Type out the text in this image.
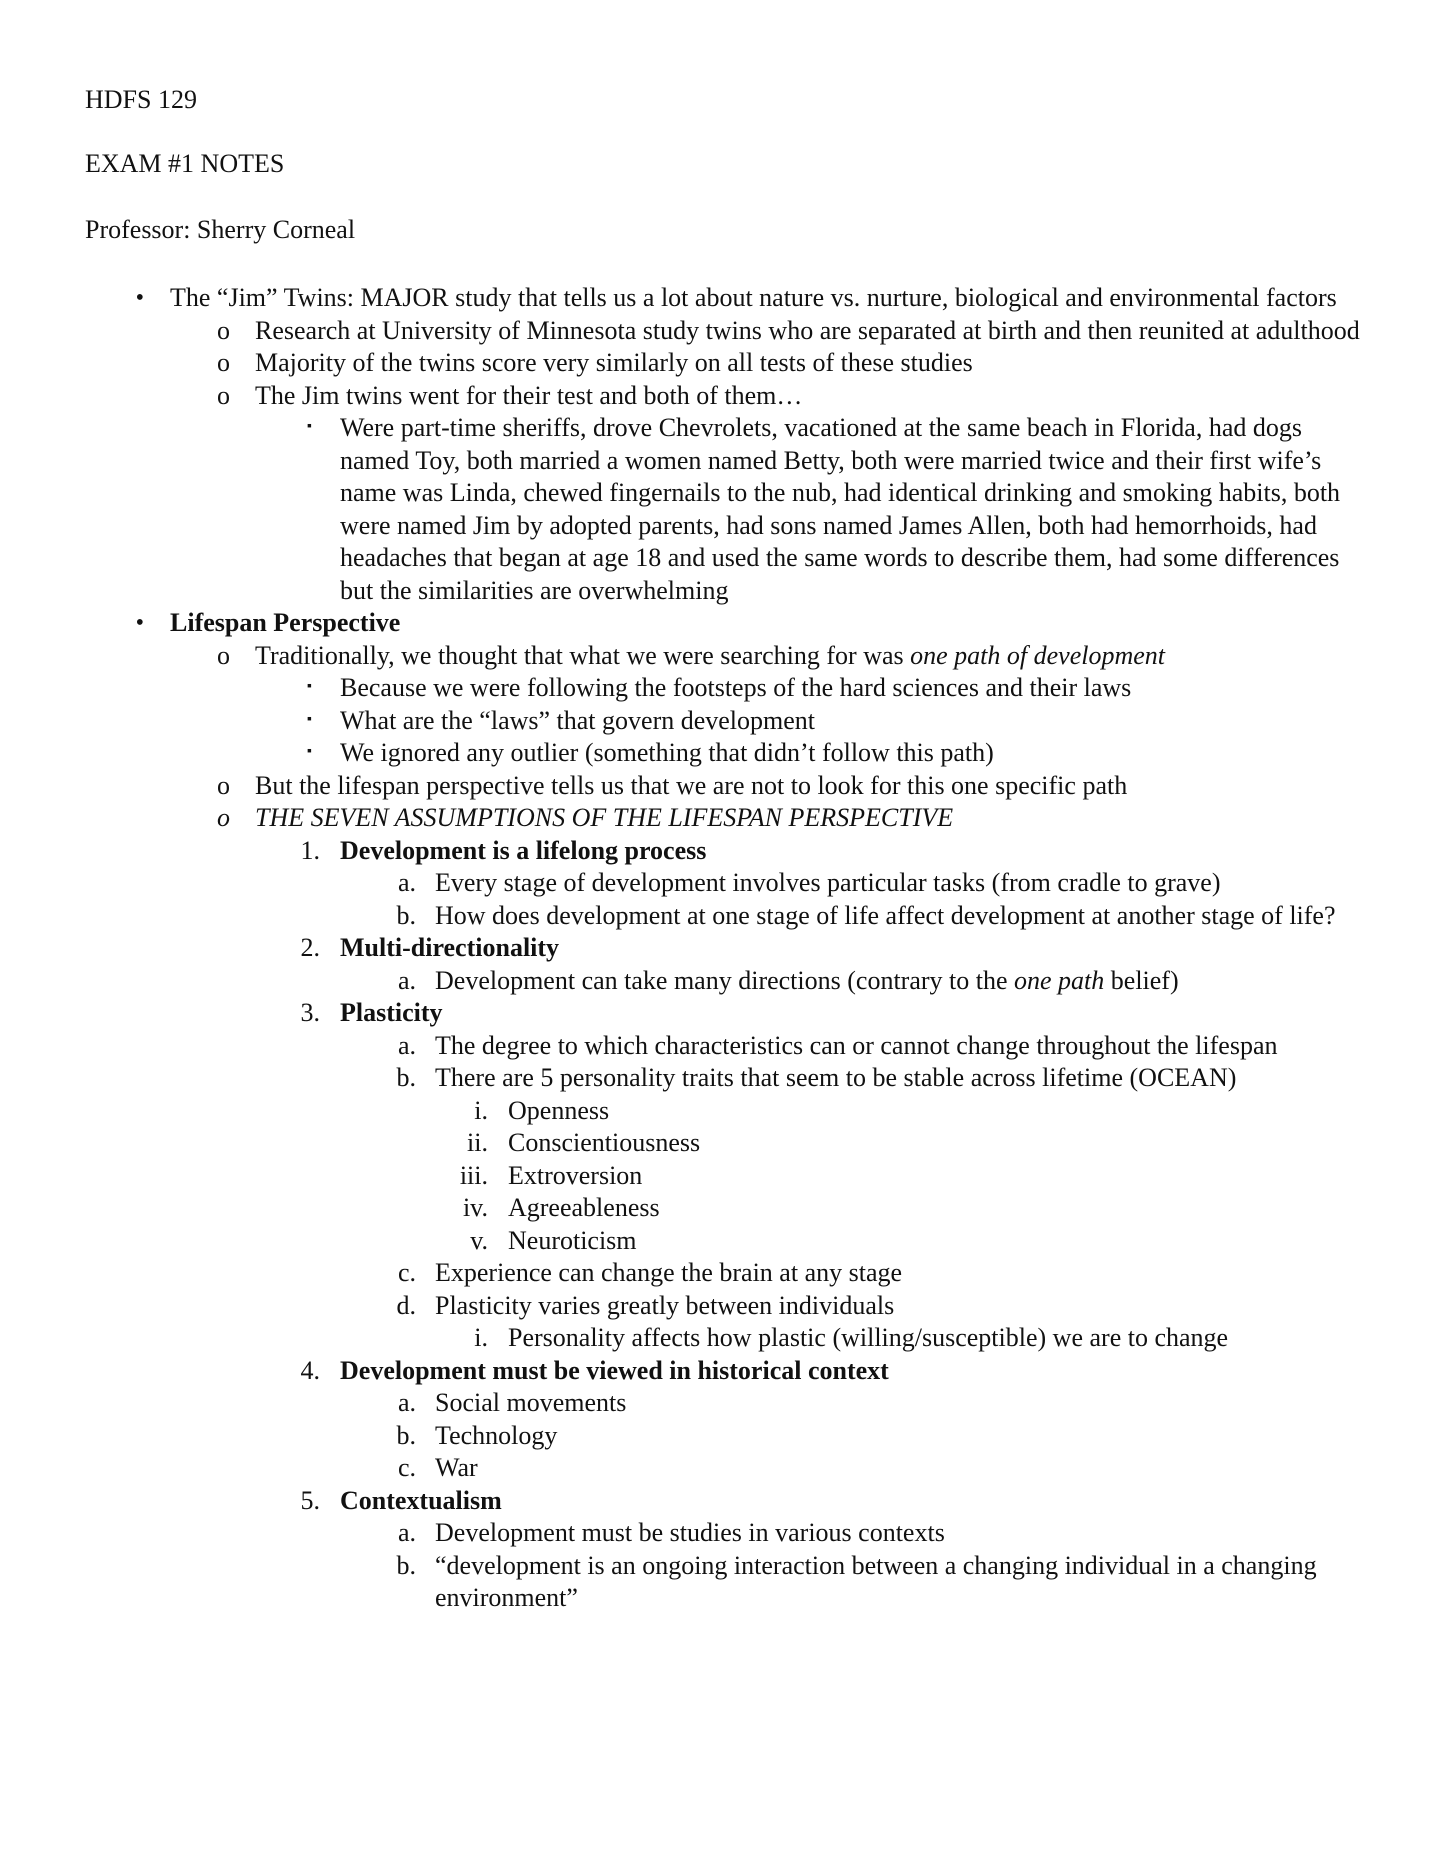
HDFS 129

EXAM #1 NOTES

Professor: Sherry Corneal

• The “Jim” Twins: MAJOR study that tells us a lot about nature vs. nurture, biological and environmental factors
o Research at University of Minnesota study twins who are separated at birth and then reunited at adulthood
o Majority of the twins score very similarly on all tests of these studies
o The Jim twins went for their test and both of them…
▪ Were part-time sheriffs, drove Chevrolets, vacationed at the same beach in Florida, had dogs named Toy, both married a women named Betty, both were married twice and their first wife’s name was Linda, chewed fingernails to the nub, had identical drinking and smoking habits, both were named Jim by adopted parents, had sons named James Allen, both had hemorrhoids, had headaches that began at age 18 and used the same words to describe them, had some differences but the similarities are overwhelming
• Lifespan Perspective
o Traditionally, we thought that what we were searching for was one path of development
▪ Because we were following the footsteps of the hard sciences and their laws
▪ What are the “laws” that govern development
▪ We ignored any outlier (something that didn’t follow this path)
o But the lifespan perspective tells us that we are not to look for this one specific path
o THE SEVEN ASSUMPTIONS OF THE LIFESPAN PERSPECTIVE
1. Development is a lifelong process
a. Every stage of development involves particular tasks (from cradle to grave)
b. How does development at one stage of life affect development at another stage of life?
2. Multi-directionality
a. Development can take many directions (contrary to the one path belief)
3. Plasticity
a. The degree to which characteristics can or cannot change throughout the lifespan
b. There are 5 personality traits that seem to be stable across lifetime (OCEAN)
i. Openness
ii. Conscientiousness
iii. Extroversion
iv. Agreeableness
v. Neuroticism
c. Experience can change the brain at any stage
d. Plasticity varies greatly between individuals
i. Personality affects how plastic (willing/susceptible) we are to change
4. Development must be viewed in historical context
a. Social movements
b. Technology
c. War
5. Contextualism
a. Development must be studies in various contexts
b. “development is an ongoing interaction between a changing individual in a changing environment”
